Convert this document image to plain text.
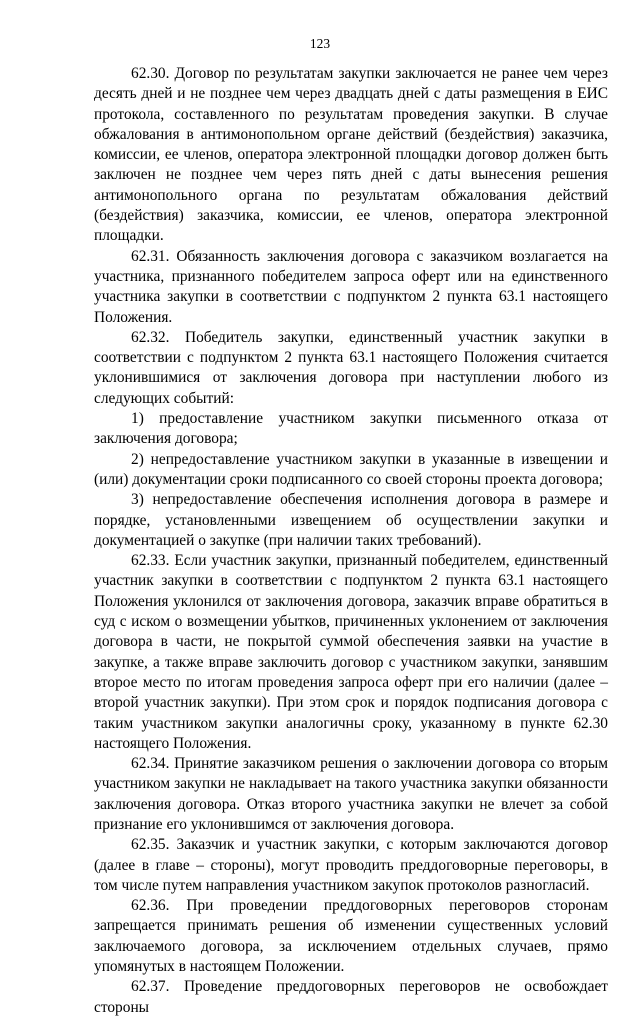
123

62.30. Договор по результатам закупки заключается не ранее чем через десять дней и не позднее чем через двадцать дней с даты размещения в ЕИС протокола, составленного по результатам проведения закупки. В случае обжалования в антимонопольном органе действий (бездействия) заказчика, комиссии, ее членов, оператора электронной площадки договор должен быть заключен не позднее чем через пять дней с даты вынесения решения антимонопольного органа по результатам обжалования действий (бездействия) заказчика, комиссии, ее членов, оператора электронной площадки.

62.31. Обязанность заключения договора с заказчиком возлагается на участника, признанного победителем запроса оферт или на единственного участника закупки в соответствии с подпунктом 2 пункта 63.1 настоящего Положения.

62.32. Победитель закупки, единственный участник закупки в соответствии с подпунктом 2 пункта 63.1 настоящего Положения считается уклонившимися от заключения договора при наступлении любого из следующих событий:

1) предоставление участником закупки письменного отказа от заключения договора;

2) непредоставление участником закупки в указанные в извещении и (или) документации сроки подписанного со своей стороны проекта договора;

3) непредоставление обеспечения исполнения договора в размере и порядке, установленными извещением об осуществлении закупки и документацией о закупке (при наличии таких требований).

62.33. Если участник закупки, признанный победителем, единственный участник закупки в соответствии с подпунктом 2 пункта 63.1 настоящего Положения уклонился от заключения договора, заказчик вправе обратиться в суд с иском о возмещении убытков, причиненных уклонением от заключения договора в части, не покрытой суммой обеспечения заявки на участие в закупке, а также вправе заключить договор с участником закупки, занявшим второе место по итогам проведения запроса оферт при его наличии (далее – второй участник закупки). При этом срок и порядок подписания договора с таким участником закупки аналогичны сроку, указанному в пункте 62.30 настоящего Положения.

62.34. Принятие заказчиком решения о заключении договора со вторым участником закупки не накладывает на такого участника закупки обязанности заключения договора. Отказ второго участника закупки не влечет за собой признание его уклонившимся от заключения договора.

62.35. Заказчик и участник закупки, с которым заключаются договор (далее в главе – стороны), могут проводить преддоговорные переговоры, в том числе путем направления участником закупок протоколов разногласий.

62.36. При проведении преддоговорных переговоров сторонам запрещается принимать решения об изменении существенных условий заключаемого договора, за исключением отдельных случаев, прямо упомянутых в настоящем Положении.

62.37. Проведение преддоговорных переговоров не освобождает стороны
